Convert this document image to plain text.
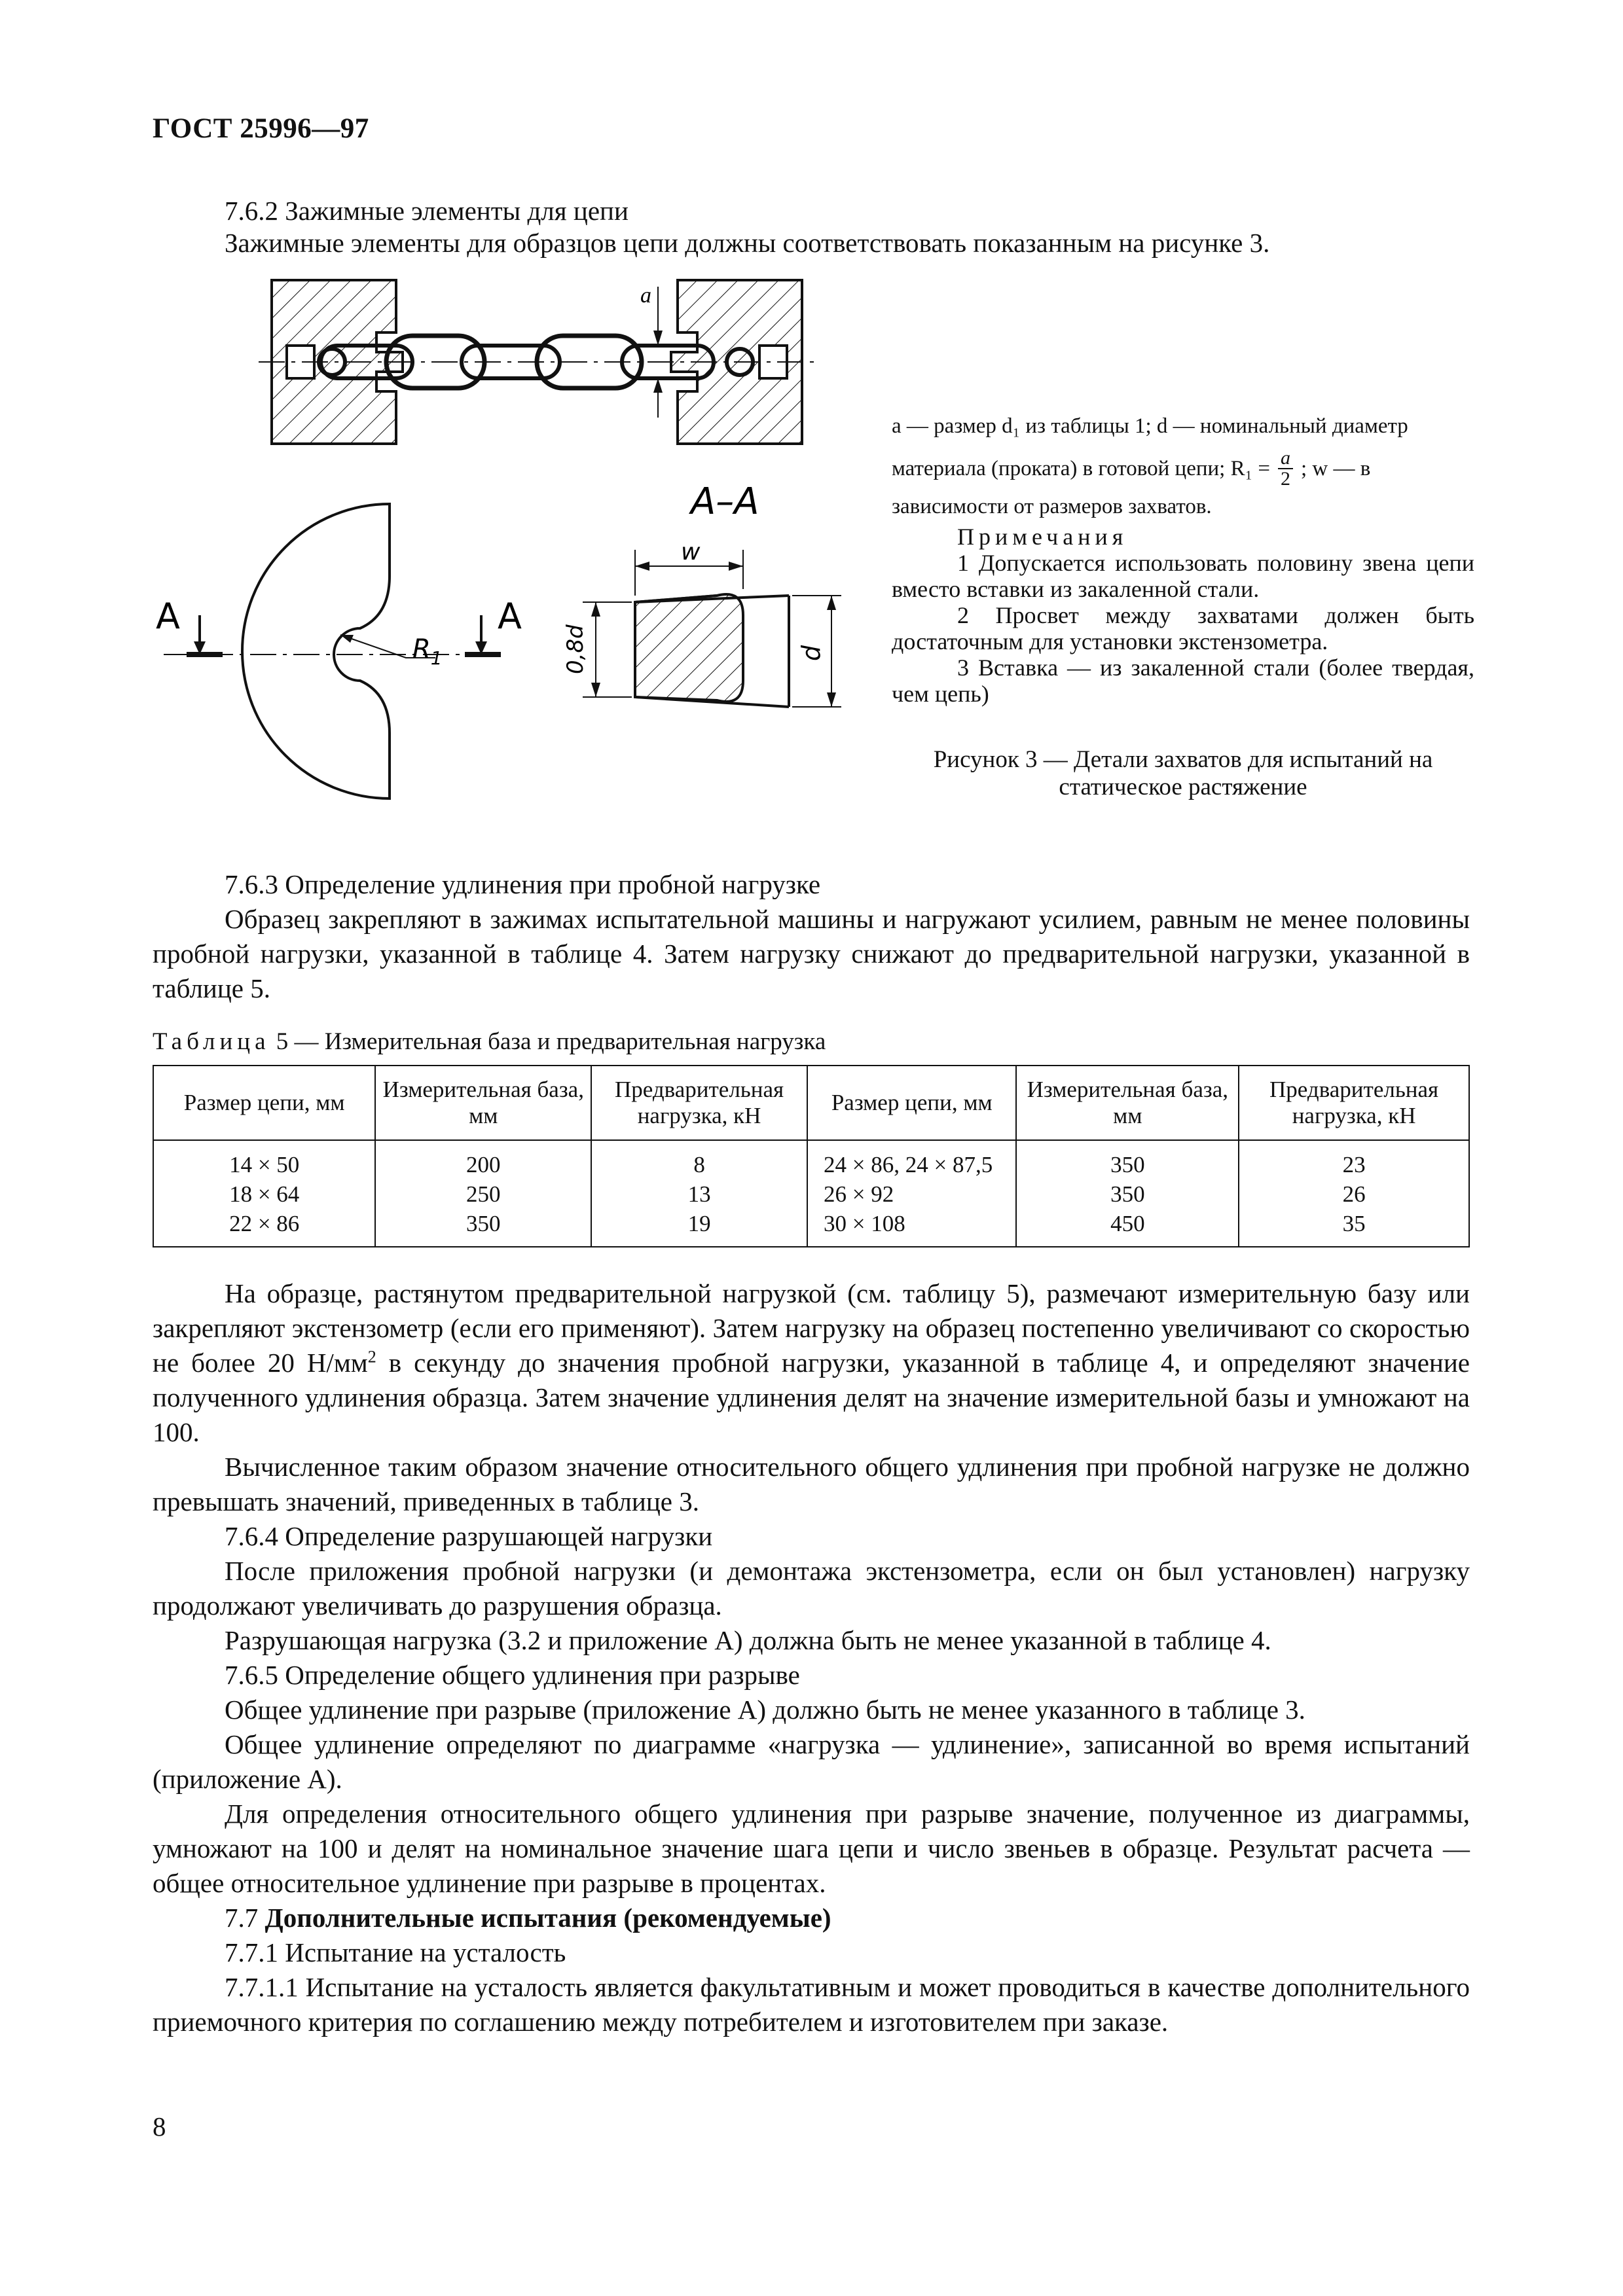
ГОСТ 25996—97
7.6.2 Зажимные элементы для цепи
Зажимные элементы для образцов цепи должны соответствовать показанным на рисунке 3.
a
А	А
$R_1$
А–А
w
0,8d	d
a — размер d₁ из таблицы 1; d — номинальный диаметр
материала (проката) в готовой цепи; $R_1 = \frac{a}{2}$ ; w — в
зависимости от размеров захватов.
Примечания
1 Допускается использовать половину звена цепи вместо вставки из закаленной стали.
2 Просвет между захватами должен быть достаточным для установки экстензометра.
3 Вставка — из закаленной стали (более твердая, чем цепь)
Рисунок 3 — Детали захватов для испытаний на
статическое растяжение
7.6.3 Определение удлинения при пробной нагрузке
Образец закрепляют в зажимах испытательной машины и нагружают усилием, равным не менее половины пробной нагрузки, указанной в таблице 4. Затем нагрузку снижают до предварительной нагрузки, указанной в таблице 5.
Таблица 5 — Измерительная база и предварительная нагрузка
Размер цепи, мм	Измерительная база, мм	Предварительная нагрузка, кН	Размер цепи, мм	Измерительная база, мм	Предварительная нагрузка, кН
14 × 50	200	8	24 × 86, 24 × 87,5	350	23
18 × 64	250	13	26 × 92	350	26
22 × 86	350	19	30 × 108	450	35
На образце, растянутом предварительной нагрузкой (см. таблицу 5), размечают измерительную базу или закрепляют экстензометр (если его применяют). Затем нагрузку на образец постепенно увеличивают со скоростью не более 20 $Н/мм^2$ в секунду до значения пробной нагрузки, указанной в таблице 4, и определяют значение полученного удлинения образца. Затем значение удлинения делят на значение измерительной базы и умножают на 100.
Вычисленное таким образом значение относительного общего удлинения при пробной нагрузке не должно превышать значений, приведенных в таблице 3.
7.6.4 Определение разрушающей нагрузки
После приложения пробной нагрузки (и демонтажа экстензометра, если он был установлен) нагрузку продолжают увеличивать до разрушения образца.
Разрушающая нагрузка (3.2 и приложение А) должна быть не менее указанной в таблице 4.
7.6.5 Определение общего удлинения при разрыве
Общее удлинение при разрыве (приложение А) должно быть не менее указанного в таблице 3.
Общее удлинение определяют по диаграмме «нагрузка — удлинение», записанной во время испытаний (приложение А).
Для определения относительного общего удлинения при разрыве значение, полученное из диаграммы, умножают на 100 и делят на номинальное значение шага цепи и число звеньев в образце. Результат расчета — общее относительное удлинение при разрыве в процентах.
7.7 Дополнительные испытания (рекомендуемые)
7.7.1 Испытание на усталость
7.7.1.1 Испытание на усталость является факультативным и может проводиться в качестве дополнительного приемочного критерия по соглашению между потребителем и изготовителем при заказе.
8
